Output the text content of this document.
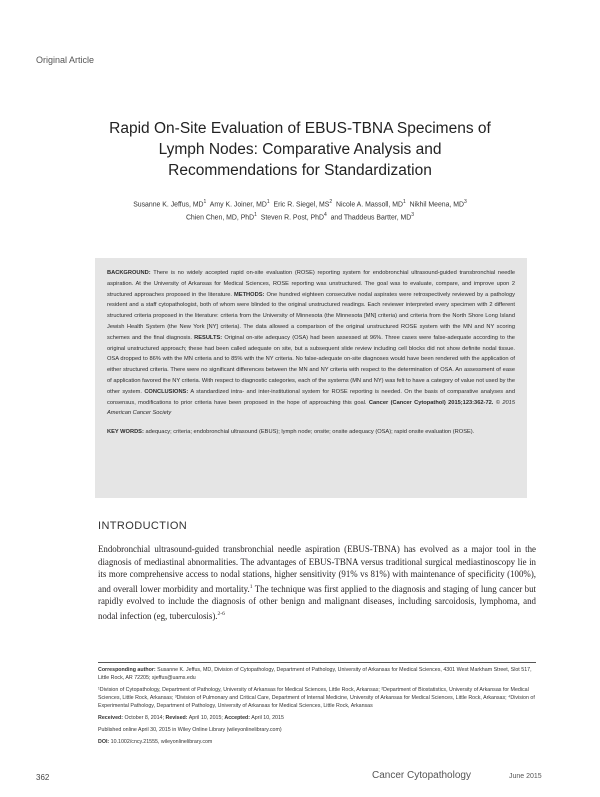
Original Article
Rapid On-Site Evaluation of EBUS-TBNA Specimens of
Lymph Nodes: Comparative Analysis and
Recommendations for Standardization
Susanne K. Jeffus, $MD^1$ Amy K. Joiner, $MD^1$ Eric R. Siegel, $MS^2$ Nicole A. Massoll, $MD^1$ Nikhil Meena, $MD^3$
Chien Chen, MD, PhD$^1$ Steven R. Post, PhD$^4$ and Thaddeus Bartter, $MD^3$
BACKGROUND: There is no widely accepted rapid on-site evaluation (ROSE) reporting system for endobronchial ultrasound-guided transbronchial needle aspiration. At the University of Arkansas for Medical Sciences, ROSE reporting was unstructured. The goal was to evaluate, compare, and improve upon 2 structured approaches proposed in the literature. METHODS: One hundred eighteen consecutive nodal aspirates were retrospectively reviewed by a pathology resident and a staff cytopathologist, both of whom were blinded to the original unstructured readings. Each reviewer interpreted every specimen with 2 different structured criteria proposed in the literature: criteria from the University of Minnesota (the Minnesota [MN] criteria) and criteria from the North Shore Long Island Jewish Health System (the New York [NY] criteria). The data allowed a comparison of the original unstructured ROSE system with the MN and NY scoring schemes and the final diagnosis. RESULTS: Original on-site adequacy (OSA) had been assessed at 96%. Three cases were false-adequate according to the original unstructured approach; these had been called adequate on site, but a subsequent slide review including cell blocks did not show definite nodal tissue. OSA dropped to 86% with the MN criteria and to 85% with the NY criteria. No false-adequate on-site diagnoses would have been rendered with the application of either structured criteria. There were no significant differences between the MN and NY criteria with respect to the determination of OSA. An assessment of ease of application favored the NY criteria. With respect to diagnostic categories, each of the systems (MN and NY) was felt to have a category of value not used by the other system. CONCLUSIONS: A standardized intra- and inter-institutional system for ROSE reporting is needed. On the basis of comparative analyses and consensus, modifications to prior criteria have been proposed in the hope of approaching this goal. Cancer (Cancer Cytopathol) 2015;123:362-72. © 2015 American Cancer Society
KEY WORDS: adequacy; criteria; endobronchial ultrasound (EBUS); lymph node; onsite; onsite adequacy (OSA); rapid onsite evaluation (ROSE).
INTRODUCTION
Endobronchial ultrasound-guided transbronchial needle aspiration (EBUS-TBNA) has evolved as a major tool in the diagnosis of mediastinal abnormalities. The advantages of EBUS-TBNA versus traditional surgical mediastinoscopy lie in its more comprehensive access to nodal stations, higher sensitivity (91% vs 81%) with maintenance of specificity (100%), and overall lower morbidity and mortality.$^1$ The technique was first applied to the diagnosis and staging of lung cancer but rapidly evolved to include the diagnosis of other benign and malignant diseases, including sarcoidosis, lymphoma, and nodal infection (eg, tuberculosis).$^{2-6}$

Corresponding author: Susanne K. Jeffus, MD, Division of Cytopathology, Department of Pathology, University of Arkansas for Medical Sciences, 4301 West Markham Street, Slot 517, Little Rock, AR 72205; sjeffus@uams.edu

¹Division of Cytopathology, Department of Pathology, University of Arkansas for Medical Sciences, Little Rock, Arkansas; ²Department of Biostatistics, University of Arkansas for Medical Sciences, Little Rock, Arkansas; ³Division of Pulmonary and Critical Care, Department of Internal Medicine, University of Arkansas for Medical Sciences, Little Rock, Arkansas; ⁴Division of Experimental Pathology, Department of Pathology, University of Arkansas for Medical Sciences, Little Rock, Arkansas

Received: October 8, 2014; Revised: April 10, 2015; Accepted: April 10, 2015

Published online April 30, 2015 in Wiley Online Library (wileyonlinelibrary.com)

DOI: 10.1002/cncy.21555, wileyonlinelibrary.com

362	Cancer Cytopathology	June 2015
